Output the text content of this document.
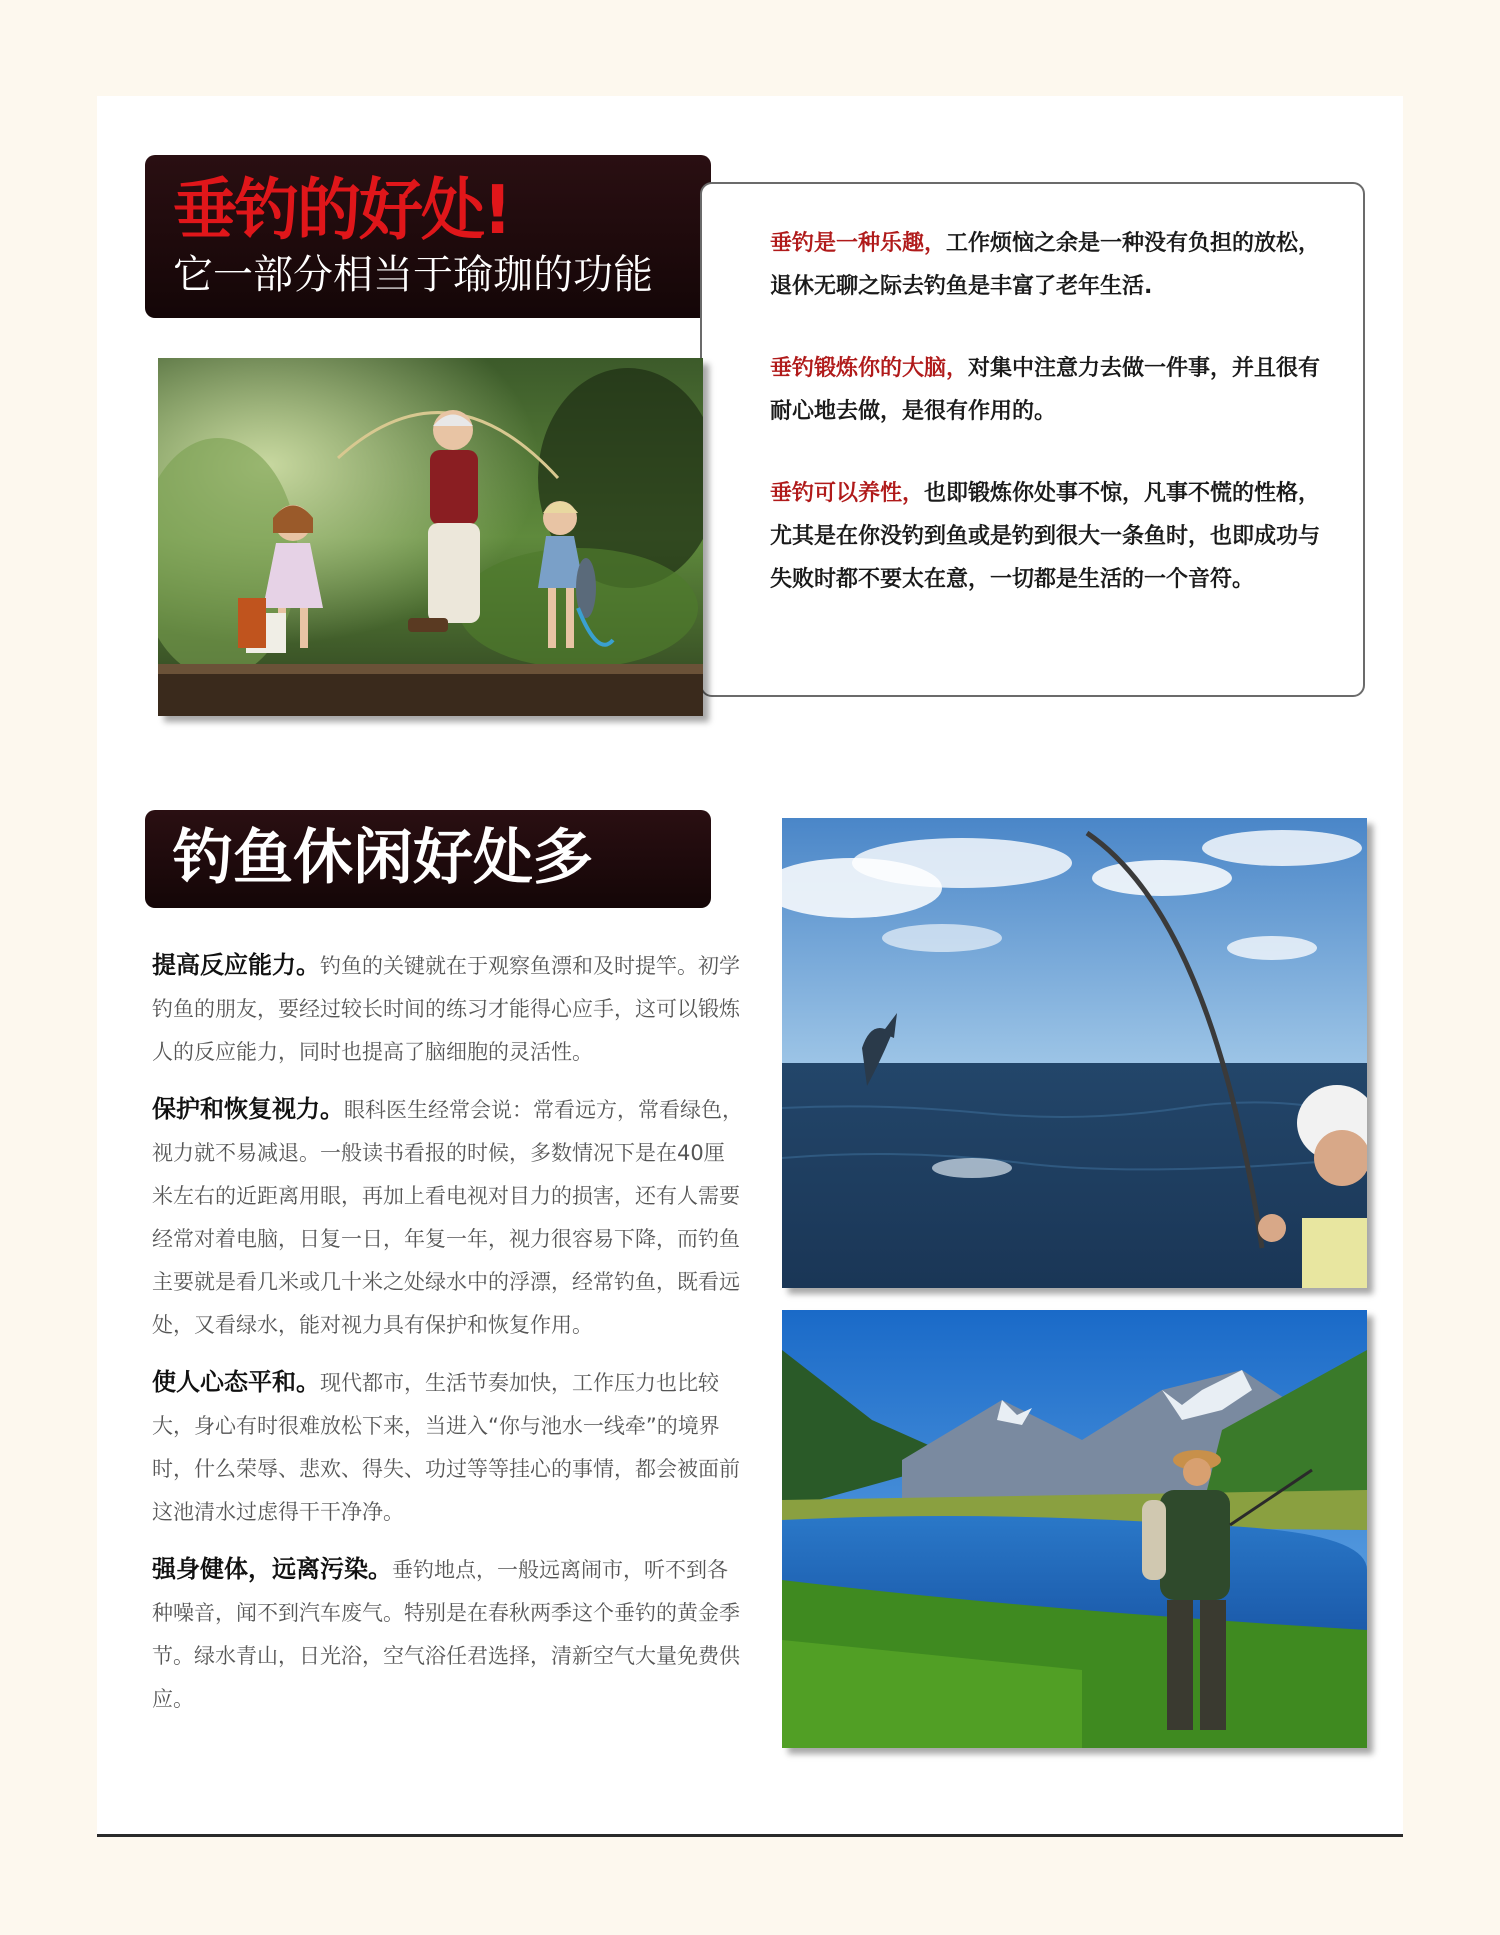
垂钓的好处!
它一部分相当于瑜珈的功能

垂钓是一种乐趣，工作烦恼之余是一种没有负担的放松，退休无聊之际去钓鱼是丰富了老年生活.

垂钓锻炼你的大脑，对集中注意力去做一件事，并且很有耐心地去做，是很有作用的。

垂钓可以养性，也即锻炼你处事不惊，凡事不慌的性格，尤其是在你没钓到鱼或是钓到很大一条鱼时，也即成功与失败时都不要太在意，一切都是生活的一个音符。

钓鱼休闲好处多

提高反应能力。钓鱼的关键就在于观察鱼漂和及时提竿。初学钓鱼的朋友，要经过较长时间的练习才能得心应手，这可以锻炼人的反应能力，同时也提高了脑细胞的灵活性。

保护和恢复视力。眼科医生经常会说：常看远方，常看绿色，视力就不易减退。一般读书看报的时候，多数情况下是在40厘米左右的近距离用眼，再加上看电视对目力的损害，还有人需要经常对着电脑，日复一日，年复一年，视力很容易下降，而钓鱼主要就是看几米或几十米之处绿水中的浮漂，经常钓鱼，既看远处，又看绿水，能对视力具有保护和恢复作用。

使人心态平和。现代都市，生活节奏加快，工作压力也比较大，身心有时很难放松下来，当进入“你与池水一线牵”的境界时，什么荣辱、悲欢、得失、功过等等挂心的事情，都会被面前这池清水过虑得干干净净。

强身健体，远离污染。垂钓地点，一般远离闹市，听不到各种噪音，闻不到汽车废气。特别是在春秋两季这个垂钓的黄金季节。绿水青山，日光浴，空气浴任君选择，清新空气大量免费供应。
